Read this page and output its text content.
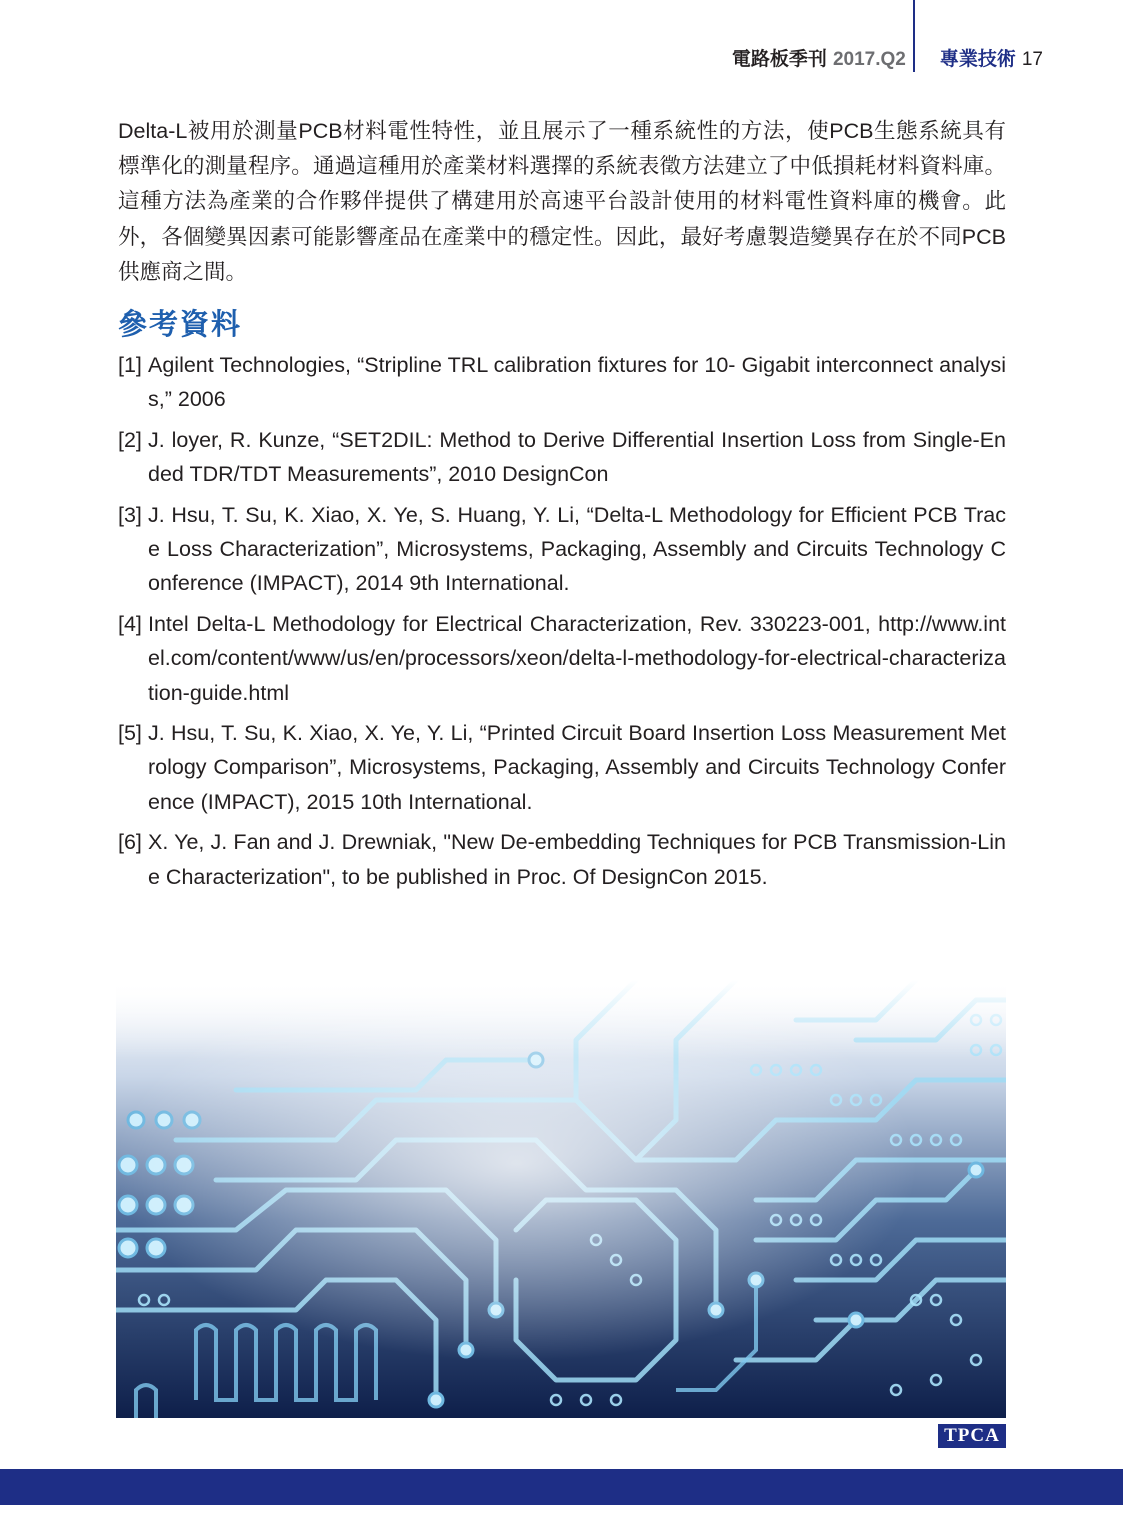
電路板季刊 2017.Q2 專業技術 17

Delta-L被用於測量PCB材料電性特性，並且展示了一種系統性的方法，使PCB生態系統具有標準化的測量程序。通過這種用於產業材料選擇的系統表徵方法建立了中低損耗材料資料庫。這種方法為產業的合作夥伴提供了構建用於高速平台設計使用的材料電性資料庫的機會。此外，各個變異因素可能影響產品在產業中的穩定性。因此，最好考慮製造變異存在於不同PCB供應商之間。

參考資料
[1] Agilent Technologies, “Stripline TRL calibration fixtures for 10- Gigabit interconnect analysis,” 2006
[2] J. loyer, R. Kunze, “SET2DIL: Method to Derive Differential Insertion Loss from Single-Ended TDR/TDT Measurements”, 2010 DesignCon
[3] J. Hsu, T. Su, K. Xiao, X. Ye, S. Huang, Y. Li, “Delta-L Methodology for Efficient PCB Trace Loss Characterization”, Microsystems, Packaging, Assembly and Circuits Technology Conference (IMPACT), 2014 9th International.
[4] Intel Delta-L Methodology for Electrical Characterization, Rev. 330223-001, http://www.intel.com/content/www/us/en/processors/xeon/delta-l-methodology-for-electrical-characterization-guide.html
[5] J. Hsu, T. Su, K. Xiao, X. Ye, Y. Li, “Printed Circuit Board Insertion Loss Measurement Metrology Comparison”, Microsystems, Packaging, Assembly and Circuits Technology Conference (IMPACT), 2015 10th International.
[6] X. Ye, J. Fan and J. Drewniak, "New De-embedding Techniques for PCB Transmission-Line Characterization", to be published in Proc. Of DesignCon 2015.
TPCA
